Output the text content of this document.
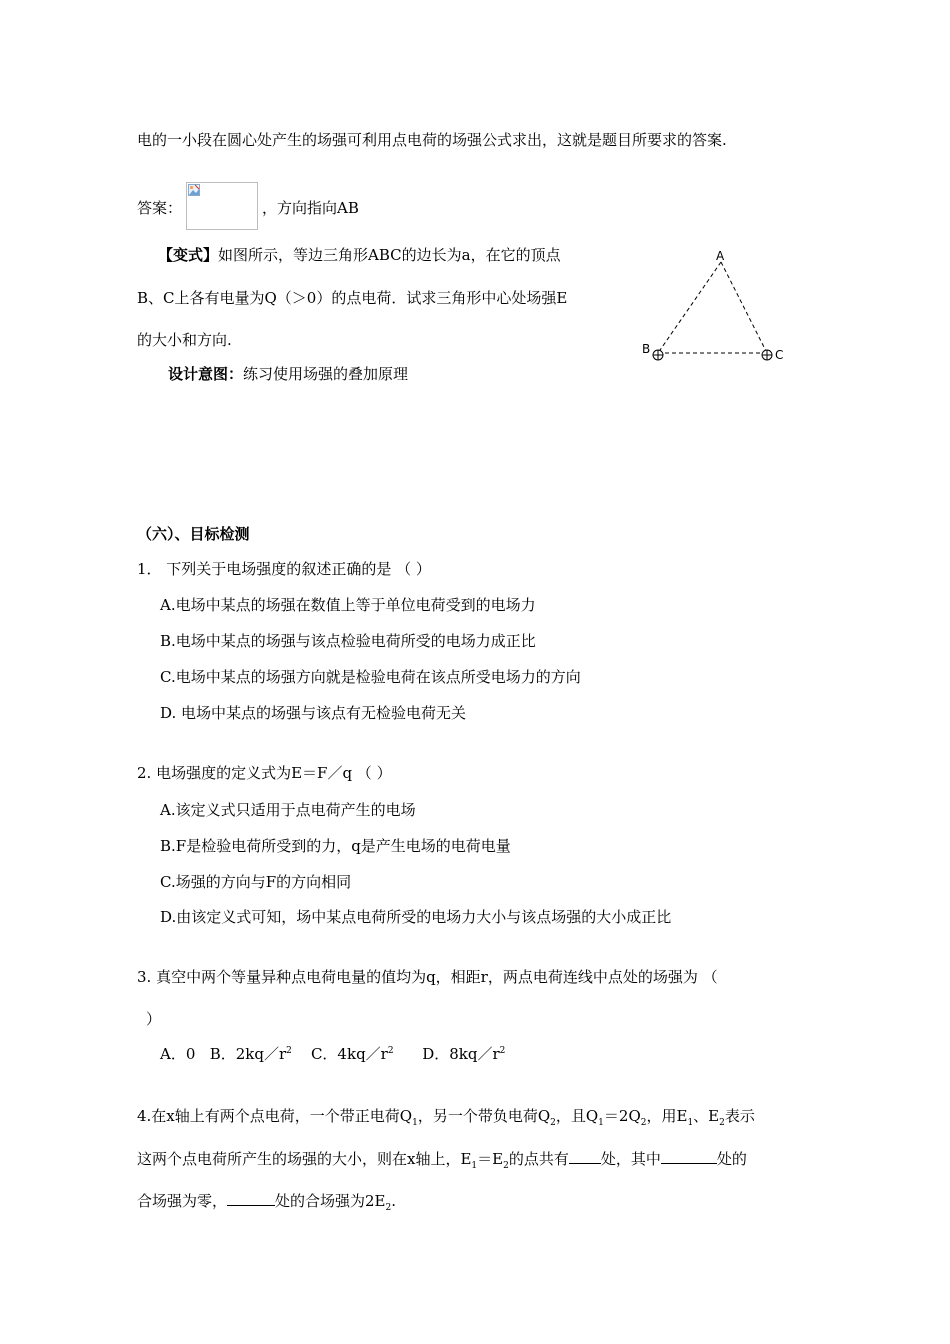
电的一小段在圆心处产生的场强可利用点电荷的场强公式求出，这就是题目所要求的答案.
答案：	，方向指向AB
【变式】如图所示，等边三角形ABC的边长为a，在它的顶点
B、C上各有电量为Q（＞0）的点电荷．试求三角形中心处场强E
的大小和方向.
设计意图：练习使用场强的叠加原理
A
B	C
（六）、目标检测
1． 下列关于电场强度的叙述正确的是 （ ）
A.电场中某点的场强在数值上等于单位电荷受到的电场力
B.电场中某点的场强与该点检验电荷所受的电场力成正比
C.电场中某点的场强方向就是检验电荷在该点所受电场力的方向
D. 电场中某点的场强与该点有无检验电荷无关
2. 电场强度的定义式为E＝F／q （ ）
A.该定义式只适用于点电荷产生的电场
B.F是检验电荷所受到的力，q是产生电场的电荷电量
C.场强的方向与F的方向相同
D.由该定义式可知，场中某点电荷所受的电场力大小与该点场强的大小成正比
3. 真空中两个等量异种点电荷电量的值均为q，相距r，两点电荷连线中点处的场强为 （
）
A．0 B．$2kq/r^2$ C．$4kq/r^2$ D．$8kq/r^2$
4.在x轴上有两个点电荷，一个带正电荷$Q_1$，另一个带负电荷$Q_2$，且$Q_1=2Q_2$，用$E_1$、$E_2$表示
这两个点电荷所产生的场强的大小，则在x轴上，$E_1=E_2$的点共有 处，其中	处的
合场强为零，	处的合场强为$2E_2$.
